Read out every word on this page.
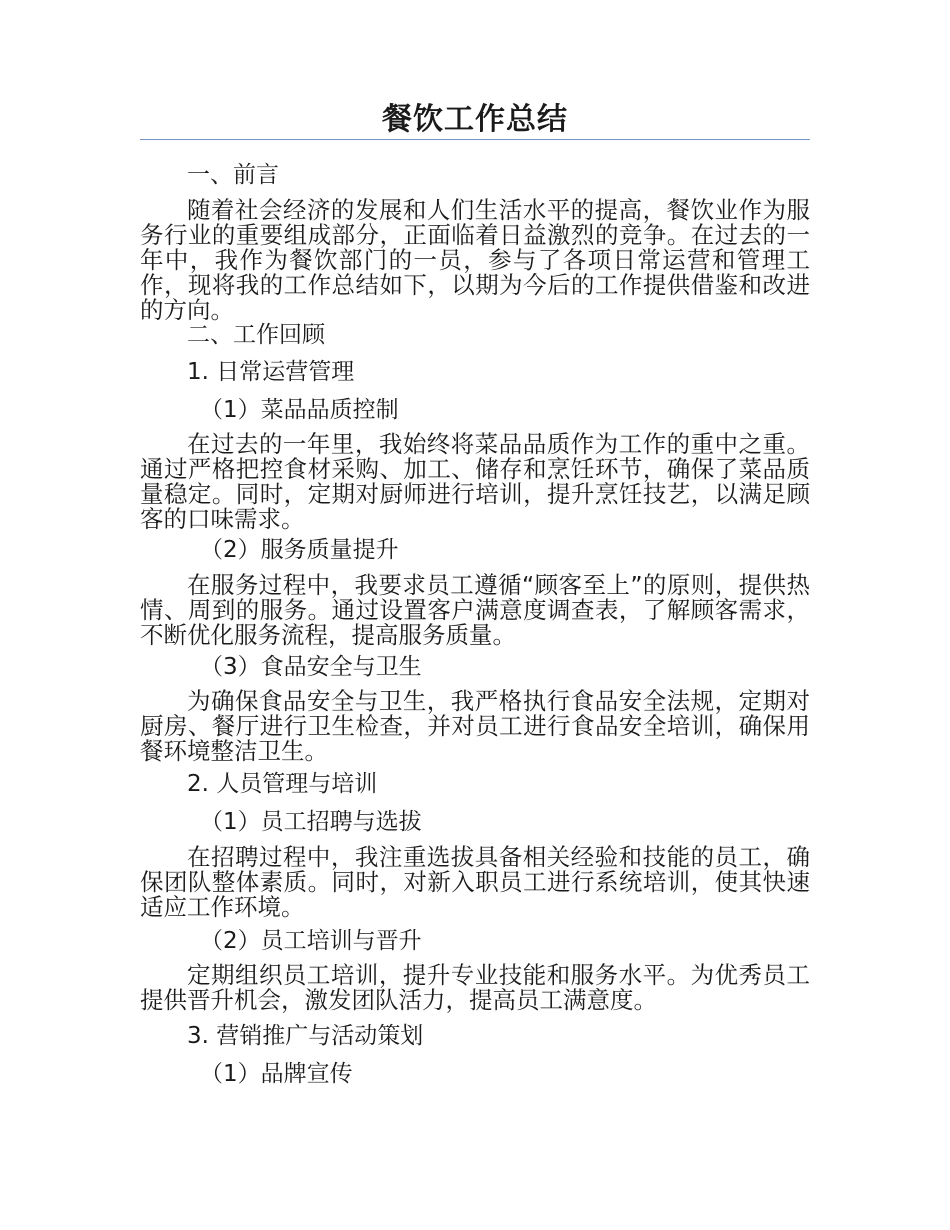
餐饮工作总结
一、前言

随着社会经济的发展和人们生活水平的提高，餐饮业作为服务行业的重要组成部分，正面临着日益激烈的竞争。在过去的一年中，我作为餐饮部门的一员，参与了各项日常运营和管理工作，现将我的工作总结如下，以期为今后的工作提供借鉴和改进的方向。

二、工作回顾
1. 日常运营管理
（1）菜品品质控制

在过去的一年里，我始终将菜品品质作为工作的重中之重。通过严格把控食材采购、加工、储存和烹饪环节，确保了菜品质量稳定。同时，定期对厨师进行培训，提升烹饪技艺，以满足顾客的口味需求。

（2）服务质量提升

在服务过程中，我要求员工遵循“顾客至上”的原则，提供热情、周到的服务。通过设置客户满意度调查表，了解顾客需求，不断优化服务流程，提高服务质量。

（3）食品安全与卫生

为确保食品安全与卫生，我严格执行食品安全法规，定期对厨房、餐厅进行卫生检查，并对员工进行食品安全培训，确保用餐环境整洁卫生。

2. 人员管理与培训
（1）员工招聘与选拔

在招聘过程中，我注重选拔具备相关经验和技能的员工，确保团队整体素质。同时，对新入职员工进行系统培训，使其快速适应工作环境。

（2）员工培训与晋升

定期组织员工培训，提升专业技能和服务水平。为优秀员工提供晋升机会，激发团队活力，提高员工满意度。

3. 营销推广与活动策划
（1）品牌宣传
